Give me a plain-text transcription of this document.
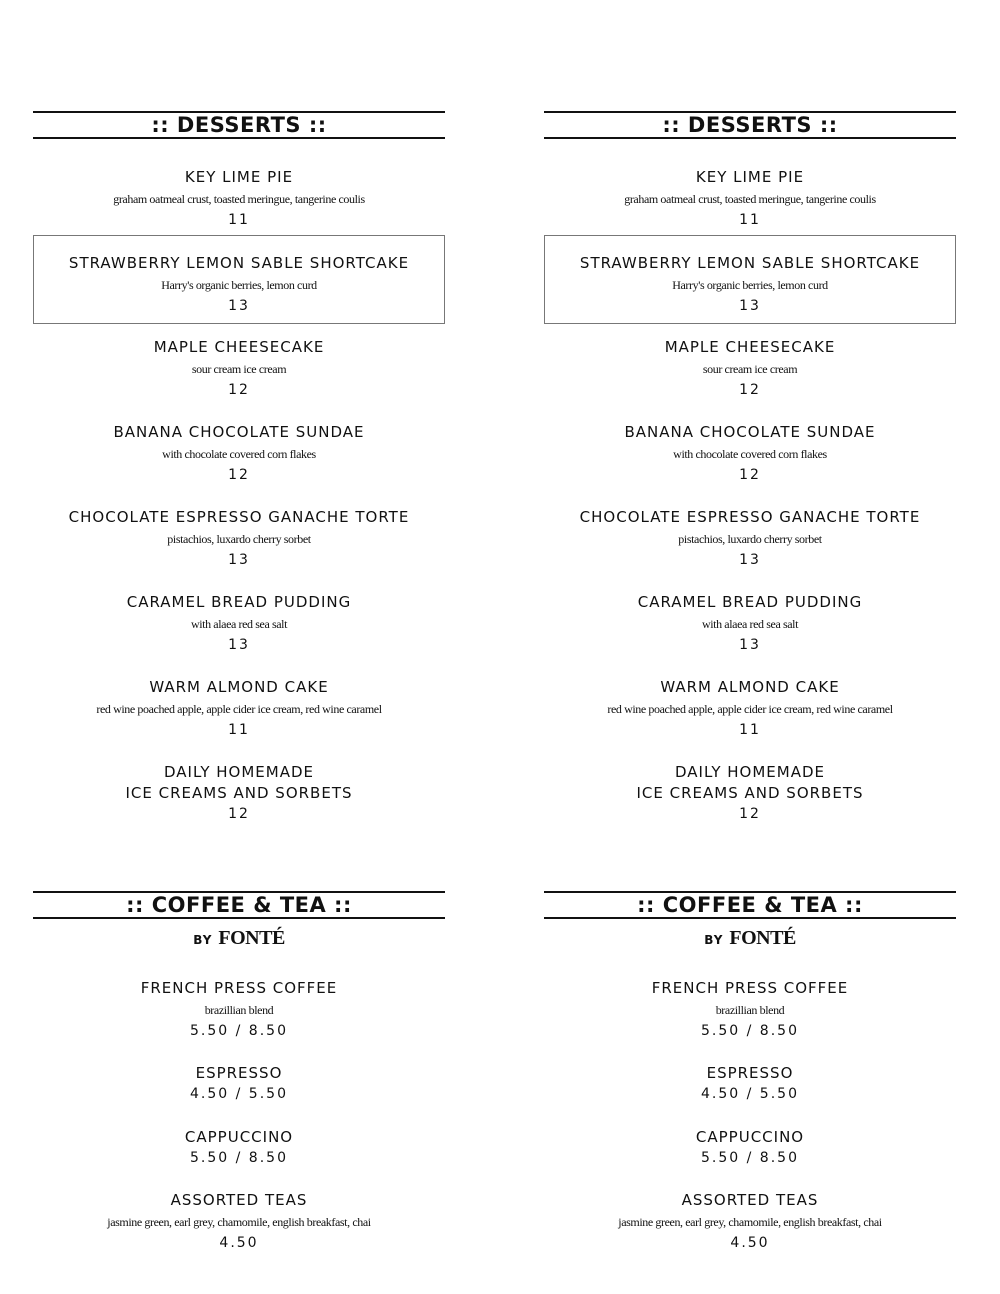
:: DESSERTS ::
KEY LIME PIE
graham oatmeal crust, toasted meringue, tangerine coulis
11
STRAWBERRY LEMON SABLE SHORTCAKE
Harry's organic berries, lemon curd
13
MAPLE CHEESECAKE
sour cream ice cream
12
BANANA CHOCOLATE SUNDAE
with chocolate covered corn flakes
12
CHOCOLATE ESPRESSO GANACHE TORTE
pistachios, luxardo cherry sorbet
13
CARAMEL BREAD PUDDING
with alaea red sea salt
13
WARM ALMOND CAKE
red wine poached apple, apple cider ice cream, red wine caramel
11
DAILY HOMEMADE
ICE CREAMS AND SORBETS
12
:: COFFEE & TEA ::
BY FONTÉ
FRENCH PRESS COFFEE
brazillian blend
5.50 / 8.50
ESPRESSO
4.50 / 5.50
CAPPUCCINO
5.50 / 8.50
ASSORTED TEAS
jasmine green, earl grey, chamomile, english breakfast, chai
4.50
:: DESSERTS ::
KEY LIME PIE
graham oatmeal crust, toasted meringue, tangerine coulis
11
STRAWBERRY LEMON SABLE SHORTCAKE
Harry's organic berries, lemon curd
13
MAPLE CHEESECAKE
sour cream ice cream
12
BANANA CHOCOLATE SUNDAE
with chocolate covered corn flakes
12
CHOCOLATE ESPRESSO GANACHE TORTE
pistachios, luxardo cherry sorbet
13
CARAMEL BREAD PUDDING
with alaea red sea salt
13
WARM ALMOND CAKE
red wine poached apple, apple cider ice cream, red wine caramel
11
DAILY HOMEMADE
ICE CREAMS AND SORBETS
12
:: COFFEE & TEA ::
BY FONTÉ
FRENCH PRESS COFFEE
brazillian blend
5.50 / 8.50
ESPRESSO
4.50 / 5.50
CAPPUCCINO
5.50 / 8.50
ASSORTED TEAS
jasmine green, earl grey, chamomile, english breakfast, chai
4.50
